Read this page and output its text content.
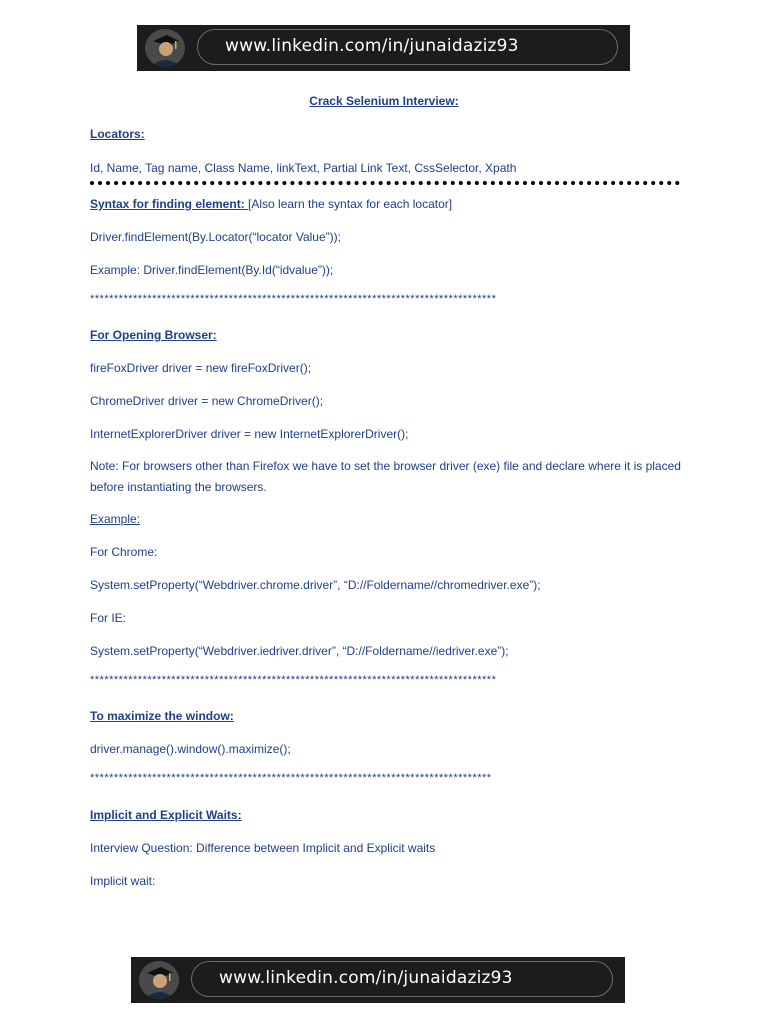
www.linkedin.com/in/junaidaziz93
Crack Selenium Interview:
Locators:
Id, Name, Tag name, Class Name, linkText, Partial Link Text, CssSelector, Xpath
Syntax for finding element: [Also learn the syntax for each locator]
Driver.findElement(By.Locator(“locator Value”));
Example: Driver.findElement(By.Id(“idvalue”));
*************************************************************************************
For Opening Browser:
fireFoxDriver driver = new fireFoxDriver();
ChromeDriver driver = new ChromeDriver();
InternetExplorerDriver driver = new InternetExplorerDriver();
Note: For browsers other than Firefox we have to set the browser driver (exe) file and declare where it is placed before instantiating the browsers.
Example:
For Chrome:
System.setProperty(“Webdriver.chrome.driver”, “D://Foldername//chromedriver.exe”);
For IE:
System.setProperty(“Webdriver.iedriver.driver”, “D://Foldername//iedriver.exe”);
*************************************************************************************
To maximize the window:
driver.manage().window().maximize();
************************************************************************************
Implicit and Explicit Waits:
Interview Question: Difference between Implicit and Explicit waits
Implicit wait:
www.linkedin.com/in/junaidaziz93
